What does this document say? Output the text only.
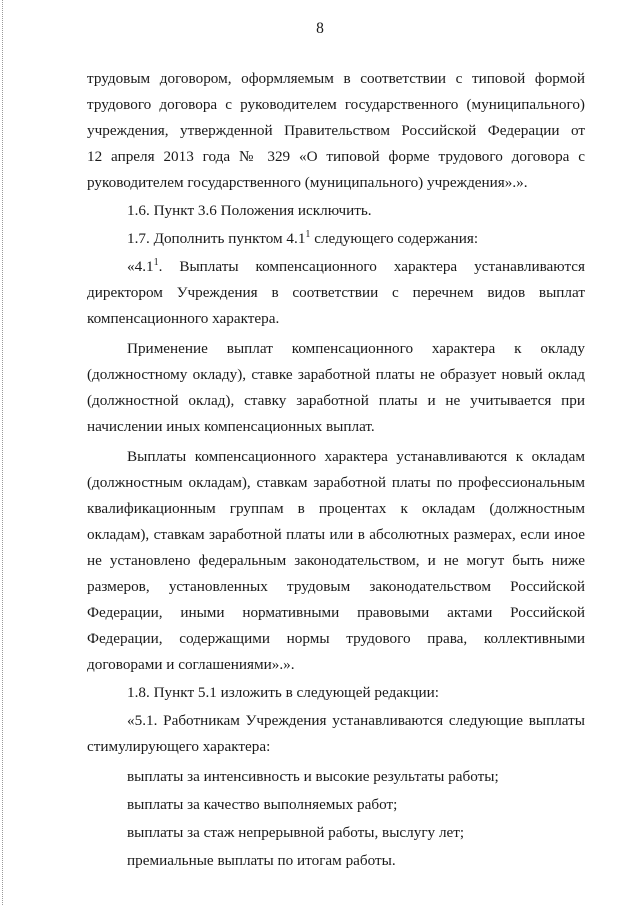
8

трудовым договором, оформляемым в соответствии с типовой формой

трудового договора с руководителем государственного (муниципального)

учреждения, утвержденной Правительством Российской Федерации от

12 апреля 2013 года № 329 «О типовой форме трудового договора с

руководителем государственного (муниципального) учреждения».».

1.6. Пункт 3.6 Положения исключить.

1.7. Дополнить пунктом $4.1^1$ следующего содержания:

«$4.1^1$. Выплаты компенсационного характера устанавливаются

директором Учреждения в соответствии с перечнем видов выплат

компенсационного характера.

Применение выплат компенсационного характера к окладу

(должностному окладу), ставке заработной платы не образует новый оклад

(должностной оклад), ставку заработной платы и не учитывается при

начислении иных компенсационных выплат.

Выплаты компенсационного характера устанавливаются к окладам

(должностным окладам), ставкам заработной платы по профессиональным

квалификационным группам в процентах к окладам (должностным

окладам), ставкам заработной платы или в абсолютных размерах, если иное

не установлено федеральным законодательством, и не могут быть ниже

размеров, установленных трудовым законодательством Российской

Федерации, иными нормативными правовыми актами Российской

Федерации, содержащими нормы трудового права, коллективными

договорами и соглашениями».».

1.8. Пункт 5.1 изложить в следующей редакции:

«5.1. Работникам Учреждения устанавливаются следующие выплаты

стимулирующего характера:

выплаты за интенсивность и высокие результаты работы;

выплаты за качество выполняемых работ;

выплаты за стаж непрерывной работы, выслугу лет;

премиальные выплаты по итогам работы.
